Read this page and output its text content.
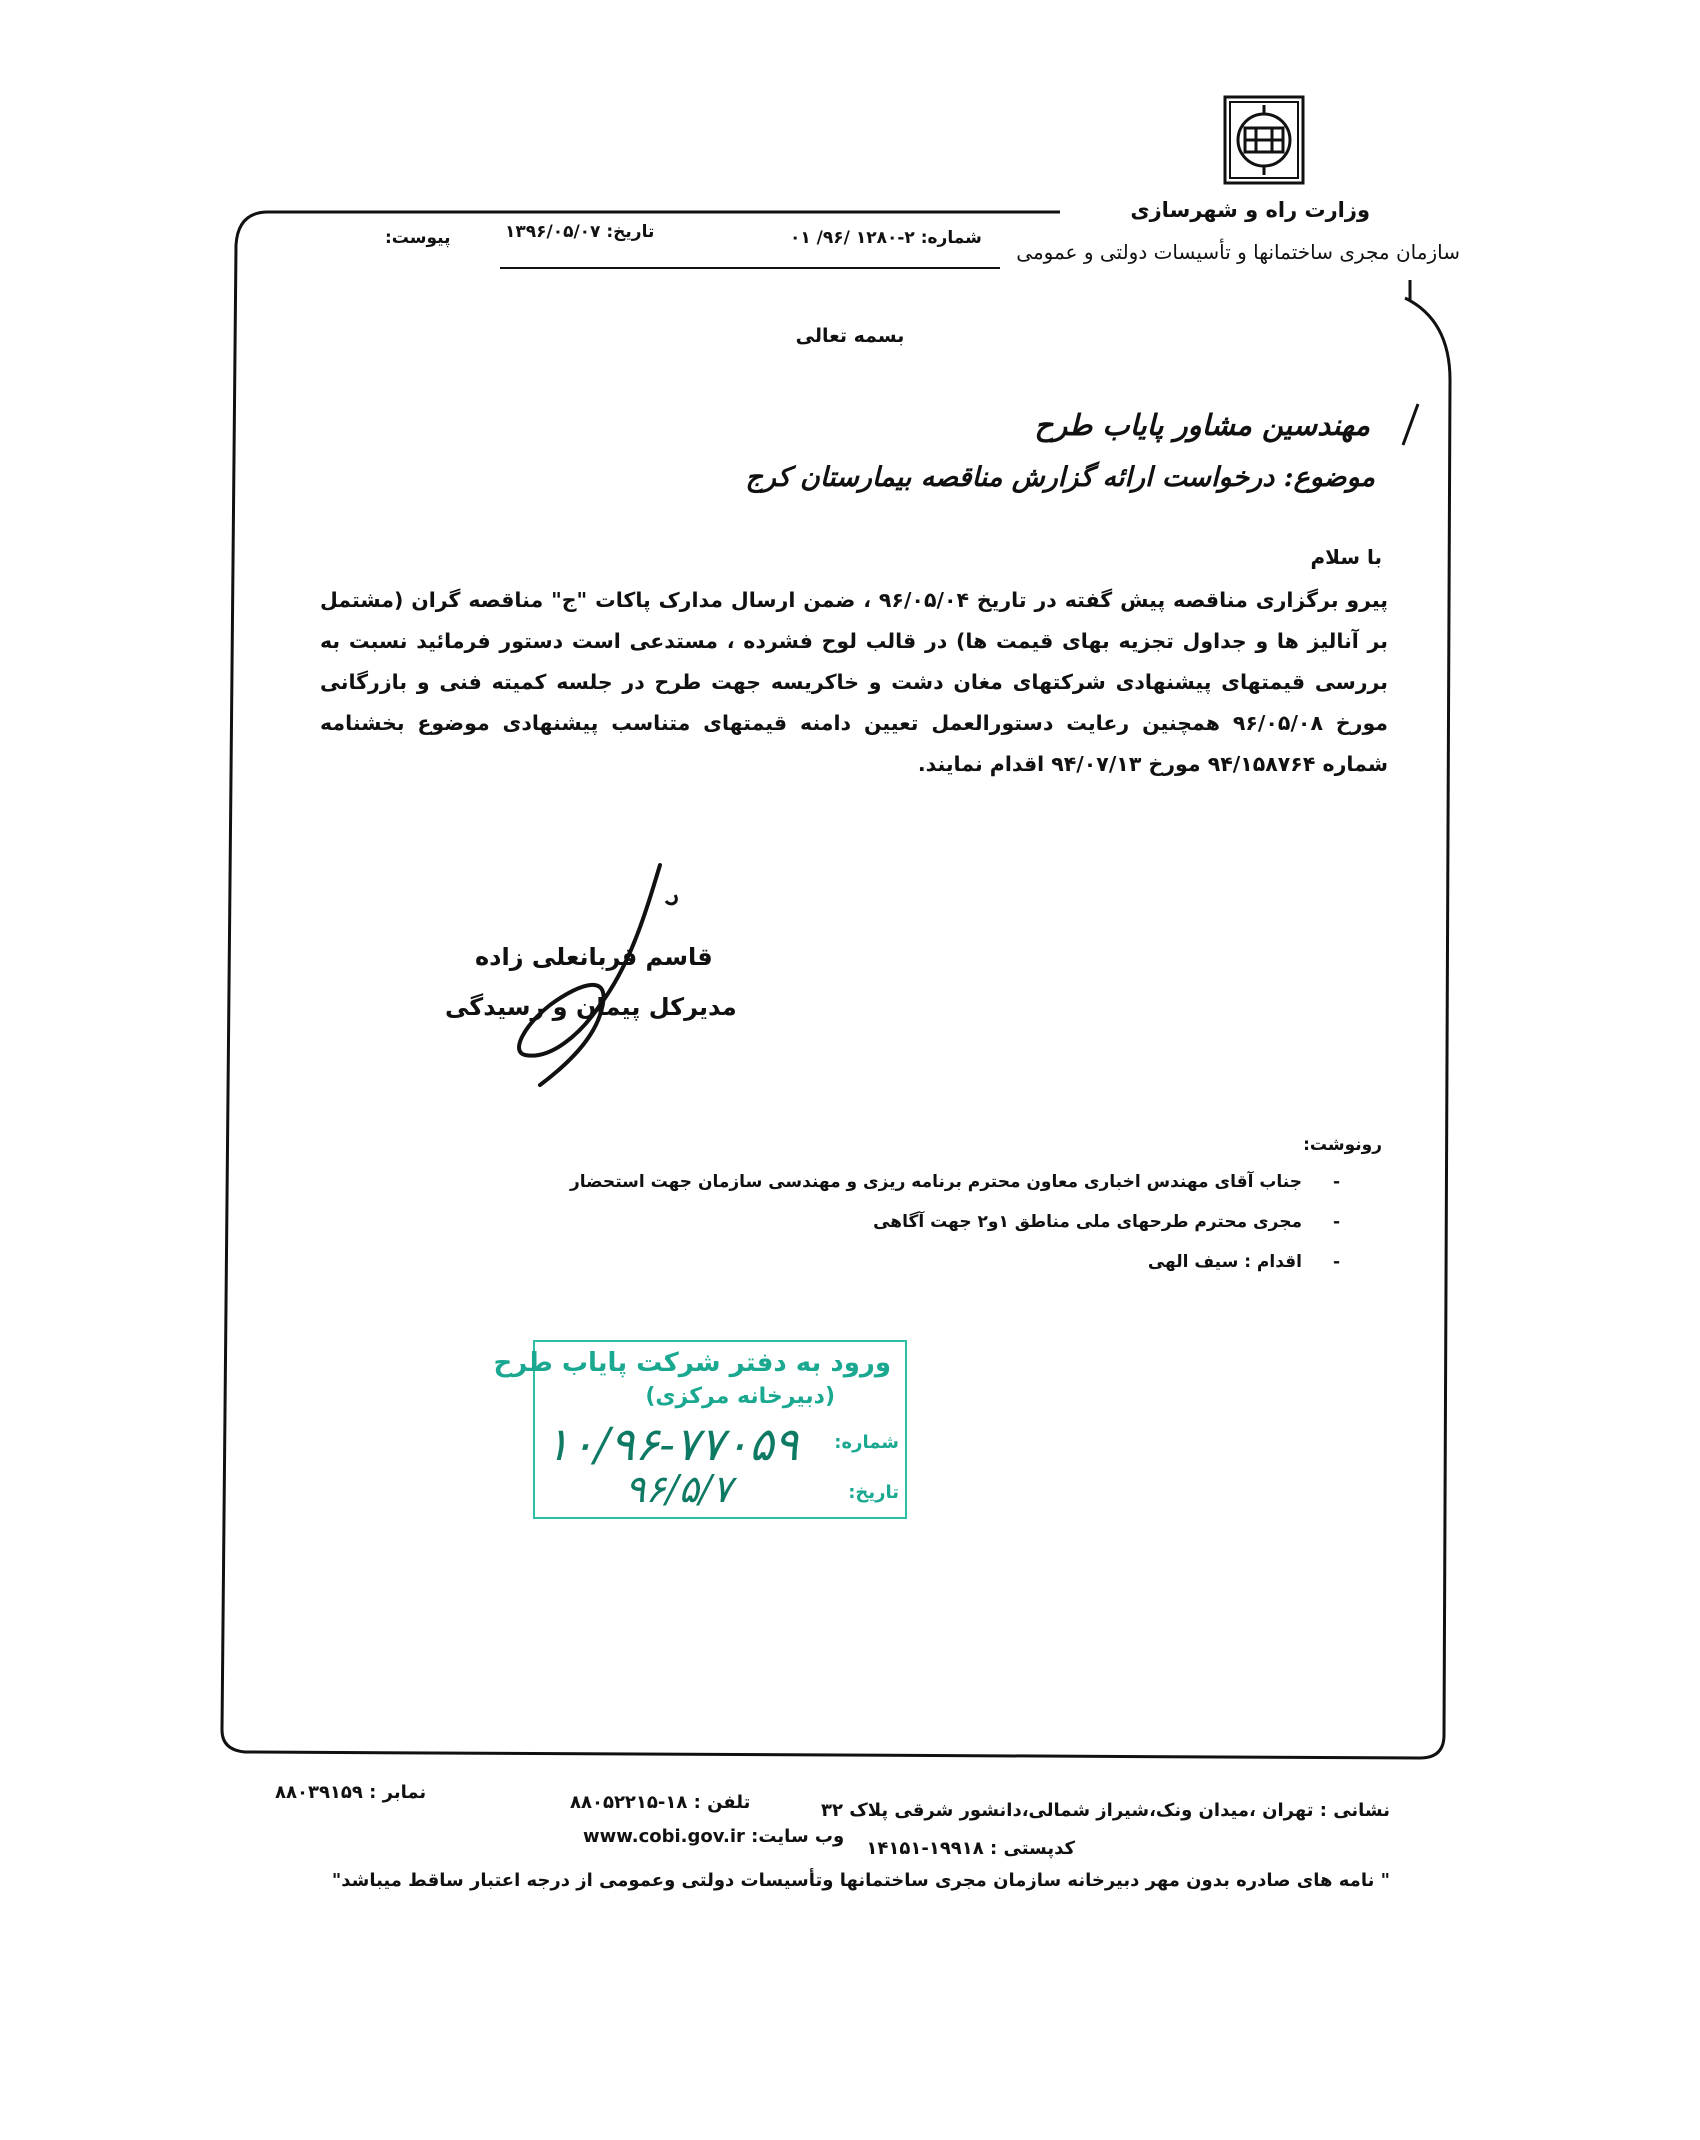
وزارت راه و شهرسازی
سازمان مجری ساختمانها و تأسیسات دولتی و عمومی
شماره: ۲-۱۲۸۰ /۹۶/ ۰۱
تاریخ: ۱۳۹۶/۰۵/۰۷
پیوست:
بسمه تعالی
مهندسین مشاور پایاب طرح
موضوع: درخواست ارائه گزارش مناقصه بیمارستان کرج
با سلام
پیرو برگزاری مناقصه پیش گفته در تاریخ ۹۶/۰۵/۰۴ ، ضمن ارسال مدارک پاکات "ج" مناقصه گران (مشتمل بر آنالیز ها و جداول تجزیه بهای قیمت ها) در قالب لوح فشرده ، مستدعی است دستور فرمائید نسبت به بررسی قیمتهای پیشنهادی شرکتهای مغان دشت و خاکریسه جهت طرح در جلسه کمیته فنی و بازرگانی مورخ ۹۶/۰۵/۰۸ همچنین رعایت دستورالعمل تعیین دامنه قیمتهای متناسب پیشنهادی موضوع بخشنامه شماره ۹۴/۱۵۸۷۶۴ مورخ ۹۴/۰۷/۱۳ اقدام نمایند.
قاسم قربانعلی زاده
مدیرکل پیمان و رسیدگی
رونوشت:
-
جناب آقای مهندس اخباری معاون محترم برنامه ریزی و مهندسی سازمان جهت استحضار
-
مجری محترم طرحهای ملی مناطق ۱و۲ جهت آگاهی
-
اقدام : سیف الهی
ورود به دفتر شرکت پایاب طرح
(دبیرخانه مرکزی)
شماره:
۱۰/۹۶-۷۷۰۵۹
تاریخ:
۹۶/۵/۷
نشانی : تهران ،میدان ونک،شیراز شمالی،دانشور شرقی پلاک ۳۲
تلفن : ۱۸-۸۸۰۵۲۲۱۵
نمابر : ۸۸۰۳۹۱۵۹
کدپستی : ۱۹۹۱۸-۱۴۱۵۱
وب سایت: www.cobi.gov.ir
" نامه های صادره بدون مهر دبیرخانه سازمان مجری ساختمانها وتأسیسات دولتی وعمومی از درجه اعتبار ساقط میباشد"
